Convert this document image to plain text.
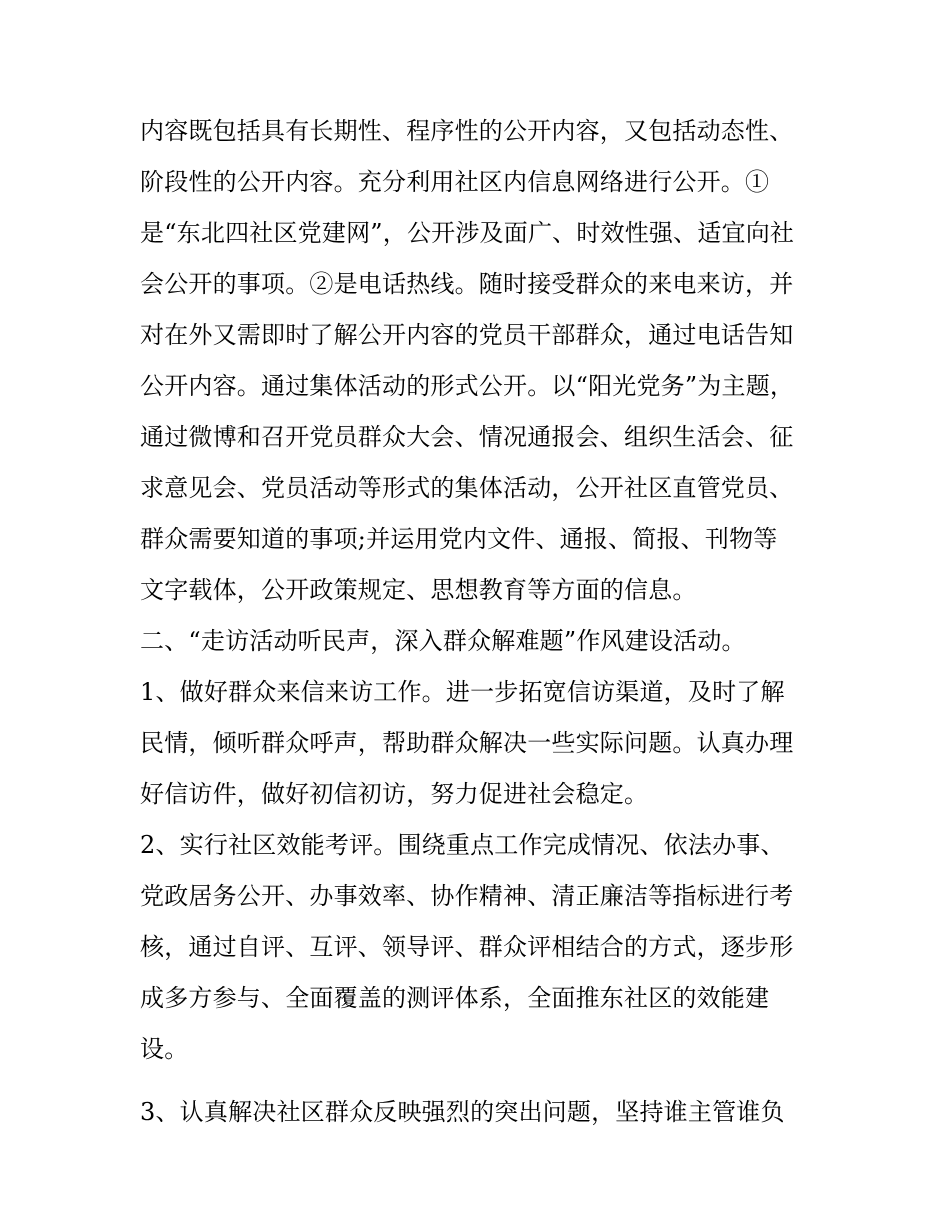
内容既包括具有长期性、程序性的公开内容，又包括动态性、
阶段性的公开内容。充分利用社区内信息网络进行公开。①
是“东北四社区党建网”，公开涉及面广、时效性强、适宜向社
会公开的事项。②是电话热线。随时接受群众的来电来访，并
对在外又需即时了解公开内容的党员干部群众，通过电话告知
公开内容。通过集体活动的形式公开。以“阳光党务”为主题，
通过微博和召开党员群众大会、情况通报会、组织生活会、征
求意见会、党员活动等形式的集体活动，公开社区直管党员、
群众需要知道的事项;并运用党内文件、通报、简报、刊物等
文字载体，公开政策规定、思想教育等方面的信息。
二、“走访活动听民声，深入群众解难题”作风建设活动。
1、做好群众来信来访工作。进一步拓宽信访渠道，及时了解
民情，倾听群众呼声，帮助群众解决一些实际问题。认真办理
好信访件，做好初信初访，努力促进社会稳定。
2、实行社区效能考评。围绕重点工作完成情况、依法办事、
党政居务公开、办事效率、协作精神、清正廉洁等指标进行考
核，通过自评、互评、领导评、群众评相结合的方式，逐步形
成多方参与、全面覆盖的测评体系，全面推东社区的效能建
设。
3、认真解决社区群众反映强烈的突出问题，坚持谁主管谁负
